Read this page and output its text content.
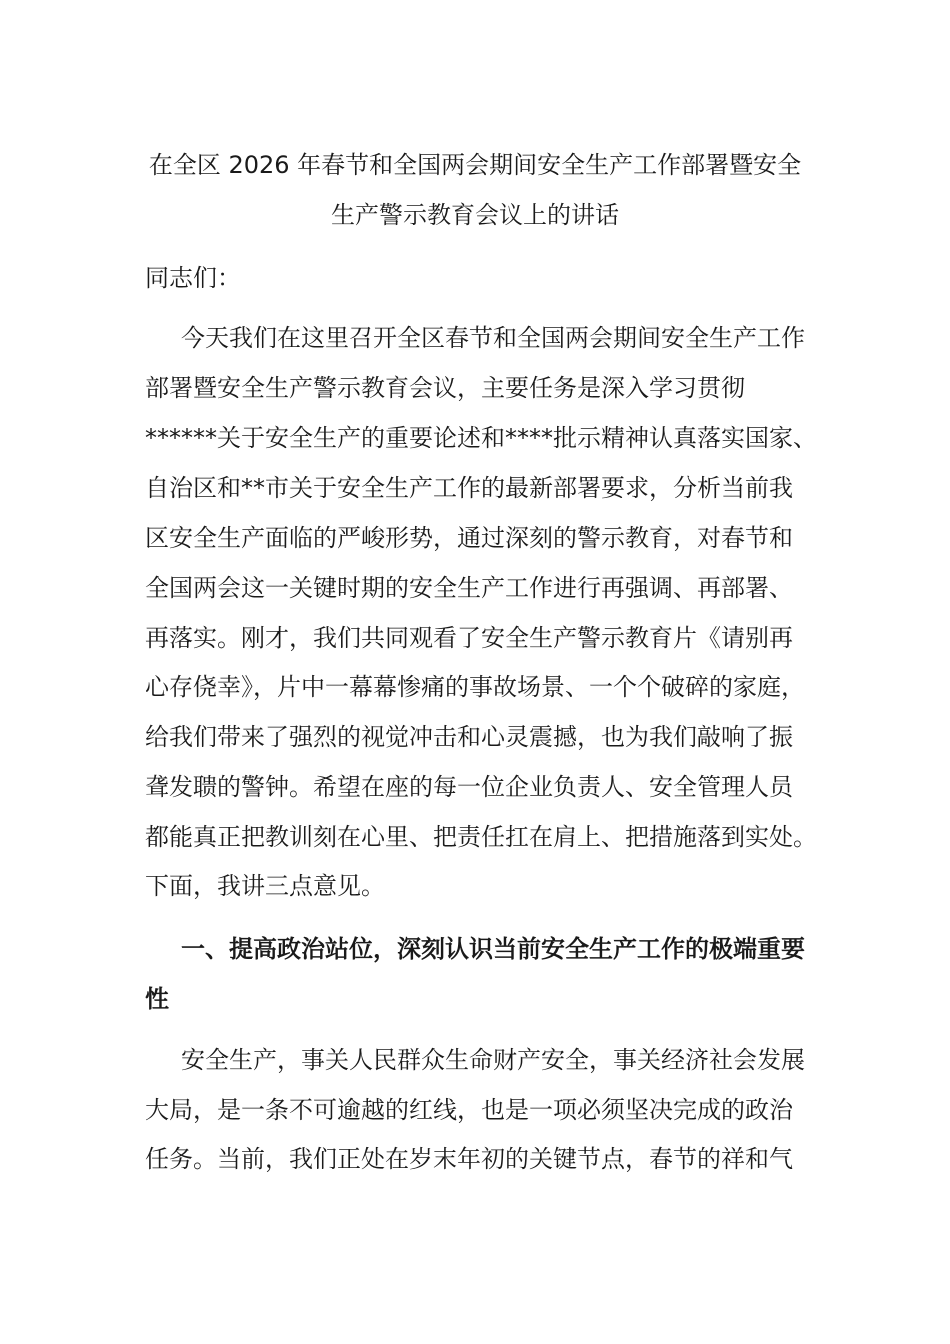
在全区 2026 年春节和全国两会期间安全生产工作部署暨安全
生产警示教育会议上的讲话
同志们：
今天我们在这里召开全区春节和全国两会期间安全生产工作
部署暨安全生产警示教育会议，主要任务是深入学习贯彻
******关于安全生产的重要论述和****批示精神认真落实国家、
自治区和**市关于安全生产工作的最新部署要求，分析当前我
区安全生产面临的严峻形势，通过深刻的警示教育，对春节和
全国两会这一关键时期的安全生产工作进行再强调、再部署、
再落实。刚才，我们共同观看了安全生产警示教育片《请别再
心存侥幸》，片中一幕幕惨痛的事故场景、一个个破碎的家庭，
给我们带来了强烈的视觉冲击和心灵震撼，也为我们敲响了振
聋发聩的警钟。希望在座的每一位企业负责人、安全管理人员
都能真正把教训刻在心里、把责任扛在肩上、把措施落到实处。
下面，我讲三点意见。
一、提高政治站位，深刻认识当前安全生产工作的极端重要
性
安全生产，事关人民群众生命财产安全，事关经济社会发展
大局，是一条不可逾越的红线，也是一项必须坚决完成的政治
任务。当前，我们正处在岁末年初的关键节点，春节的祥和气
